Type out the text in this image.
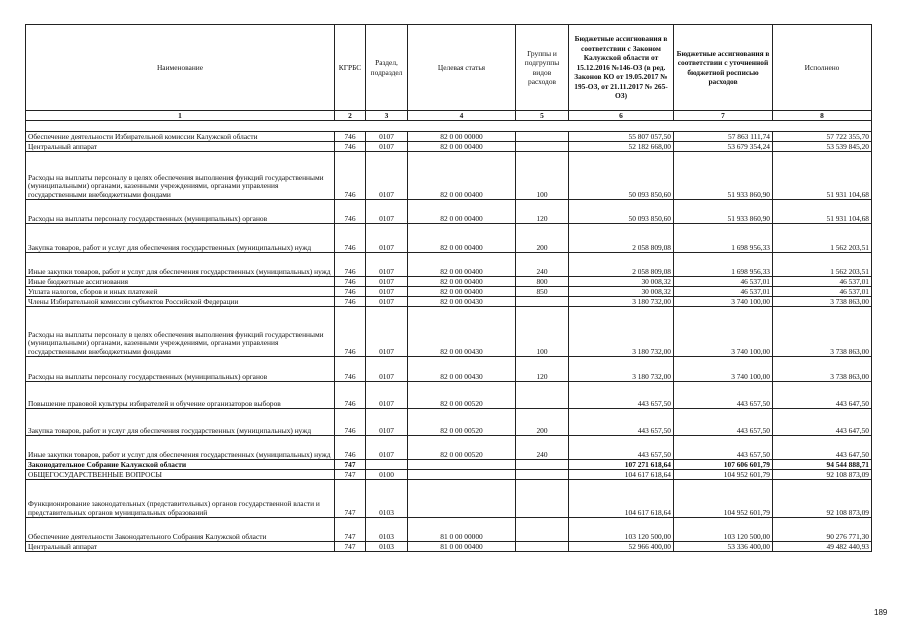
Наименование	КГРБС	Раздел, подраздел	Целевая статья	Группы и подгруппы видов расходов	Бюджетные ассигнования в соответствии с Законом Калужской области от 15.12.2016 №146-ОЗ (в ред. Законов КО от 19.05.2017 № 195-ОЗ, от 21.11.2017 № 265-ОЗ)	Бюджетные ассигнования в соответствии с уточненной бюджетной росписью расходов	Исполнено
1	2	3	4	5	6	7	8

Обеспечение деятельности Избирательной комиссии Калужской области	746	0107	82 0 00 00000		55 807 057,50	57 863 111,74	57 722 355,70
Центральный аппарат	746	0107	82 0 00 00400		52 182 668,00	53 679 354,24	53 539 845,20
Расходы на выплаты персоналу в целях обеспечения выполнения функций государственными (муниципальными) органами, казенными учреждениями, органами управления государственными внебюджетными фондами	746	0107	82 0 00 00400	100	50 093 850,60	51 933 860,90	51 931 104,68
Расходы на выплаты персоналу государственных (муниципальных) органов	746	0107	82 0 00 00400	120	50 093 850,60	51 933 860,90	51 931 104,68
Закупка товаров, работ и услуг для обеспечения государственных (муниципальных) нужд	746	0107	82 0 00 00400	200	2 058 809,08	1 698 956,33	1 562 203,51
Иные закупки товаров, работ и услуг для обеспечения государственных (муниципальных) нужд	746	0107	82 0 00 00400	240	2 058 809,08	1 698 956,33	1 562 203,51
Иные бюджетные ассигнования	746	0107	82 0 00 00400	800	30 008,32	46 537,01	46 537,01
Уплата налогов, сборов и иных платежей	746	0107	82 0 00 00400	850	30 008,32	46 537,01	46 537,01
Члены Избирательной комиссии субъектов Российской Федерации	746	0107	82 0 00 00430		3 180 732,00	3 740 100,00	3 738 863,00
Расходы на выплаты персоналу в целях обеспечения выполнения функций государственными (муниципальными) органами, казенными учреждениями, органами управления государственными внебюджетными фондами	746	0107	82 0 00 00430	100	3 180 732,00	3 740 100,00	3 738 863,00
Расходы на выплаты персоналу государственных (муниципальных) органов	746	0107	82 0 00 00430	120	3 180 732,00	3 740 100,00	3 738 863,00
Повышение правовой культуры избирателей и обучение организаторов выборов	746	0107	82 0 00 00520		443 657,50	443 657,50	443 647,50
Закупка товаров, работ и услуг для обеспечения государственных (муниципальных) нужд	746	0107	82 0 00 00520	200	443 657,50	443 657,50	443 647,50
Иные закупки товаров, работ и услуг для обеспечения государственных (муниципальных) нужд	746	0107	82 0 00 00520	240	443 657,50	443 657,50	443 647,50
Законодательное Собрание Калужской области	747				107 271 618,64	107 606 601,79	94 544 888,71
ОБЩЕГОСУДАРСТВЕННЫЕ ВОПРОСЫ	747	0100			104 617 618,64	104 952 601,79	92 108 873,09
Функционирование законодательных (представительных) органов государственной власти и представительных органов муниципальных образований	747	0103			104 617 618,64	104 952 601,79	92 108 873,09
Обеспечение деятельности Законодательного Собрания Калужской области	747	0103	81 0 00 00000		103 120 500,00	103 120 500,00	90 276 771,30
Центральный аппарат	747	0103	81 0 00 00400		52 966 400,00	53 336 400,00	49 482 440,93
189
